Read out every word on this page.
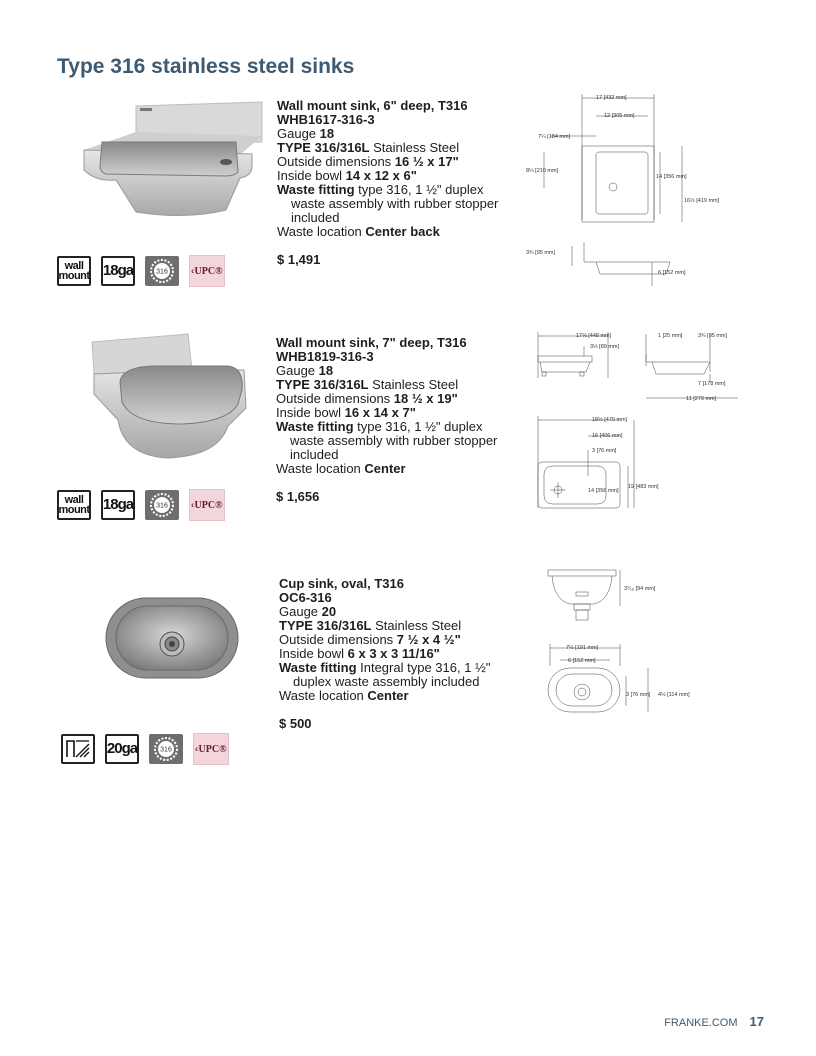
Type 316 stainless steel sinks
Wall mount sink, 6" deep, T316
WHB1617-316-3
Gauge 18
TYPE 316/316L Stainless Steel
Outside dimensions 16 ½ x 17"
Inside bowl 14 x 12 x 6"
Waste fitting type 316, 1 ½" duplex
waste assembly with rubber stopper
included
Waste location Center back
$ 1,491
wall
mount 18ga	316	c UPC®
17 [432 mm]
12 [305 mm]
7¼ [184 mm]
8¼ [210 mm]
14 [356 mm]
16½ [419 mm]
3¾ [95 mm]
6 [152 mm]
Wall mount sink, 7" deep, T316
WHB1819-316-3
Gauge 18
TYPE 316/316L Stainless Steel
Outside dimensions 18 ½ x 19"
Inside bowl 16 x 14 x 7"
Waste fitting type 316, 1 ½" duplex
waste assembly with rubber stopper
included
Waste location Center
$ 1,656
wall
mount 18ga	316	c UPC®
17⅝ [448 mm]
3½ [89 mm]
1 [25 mm]	3¾ [95 mm]
7 [178 mm]
11 [279 mm]
18½ [470 mm]
16 [406 mm]
3 [76 mm]
14 [356 mm]
19 [483 mm]
Cup sink, oval, T316
OC6-316
Gauge 20
TYPE 316/316L Stainless Steel
Outside dimensions 7 ½ x 4 ½"
Inside bowl 6 x 3 x 3 11/16"
Waste fitting Integral type 316, 1 ½"
duplex waste assembly included
Waste location Center
$ 500
20ga	316	c UPC®
3⁷⁄₁₆ [94 mm]
7½ [191 mm]
6 [152 mm]
3 [76 mm] 4½ [114 mm]
FRANKE.COM 17
